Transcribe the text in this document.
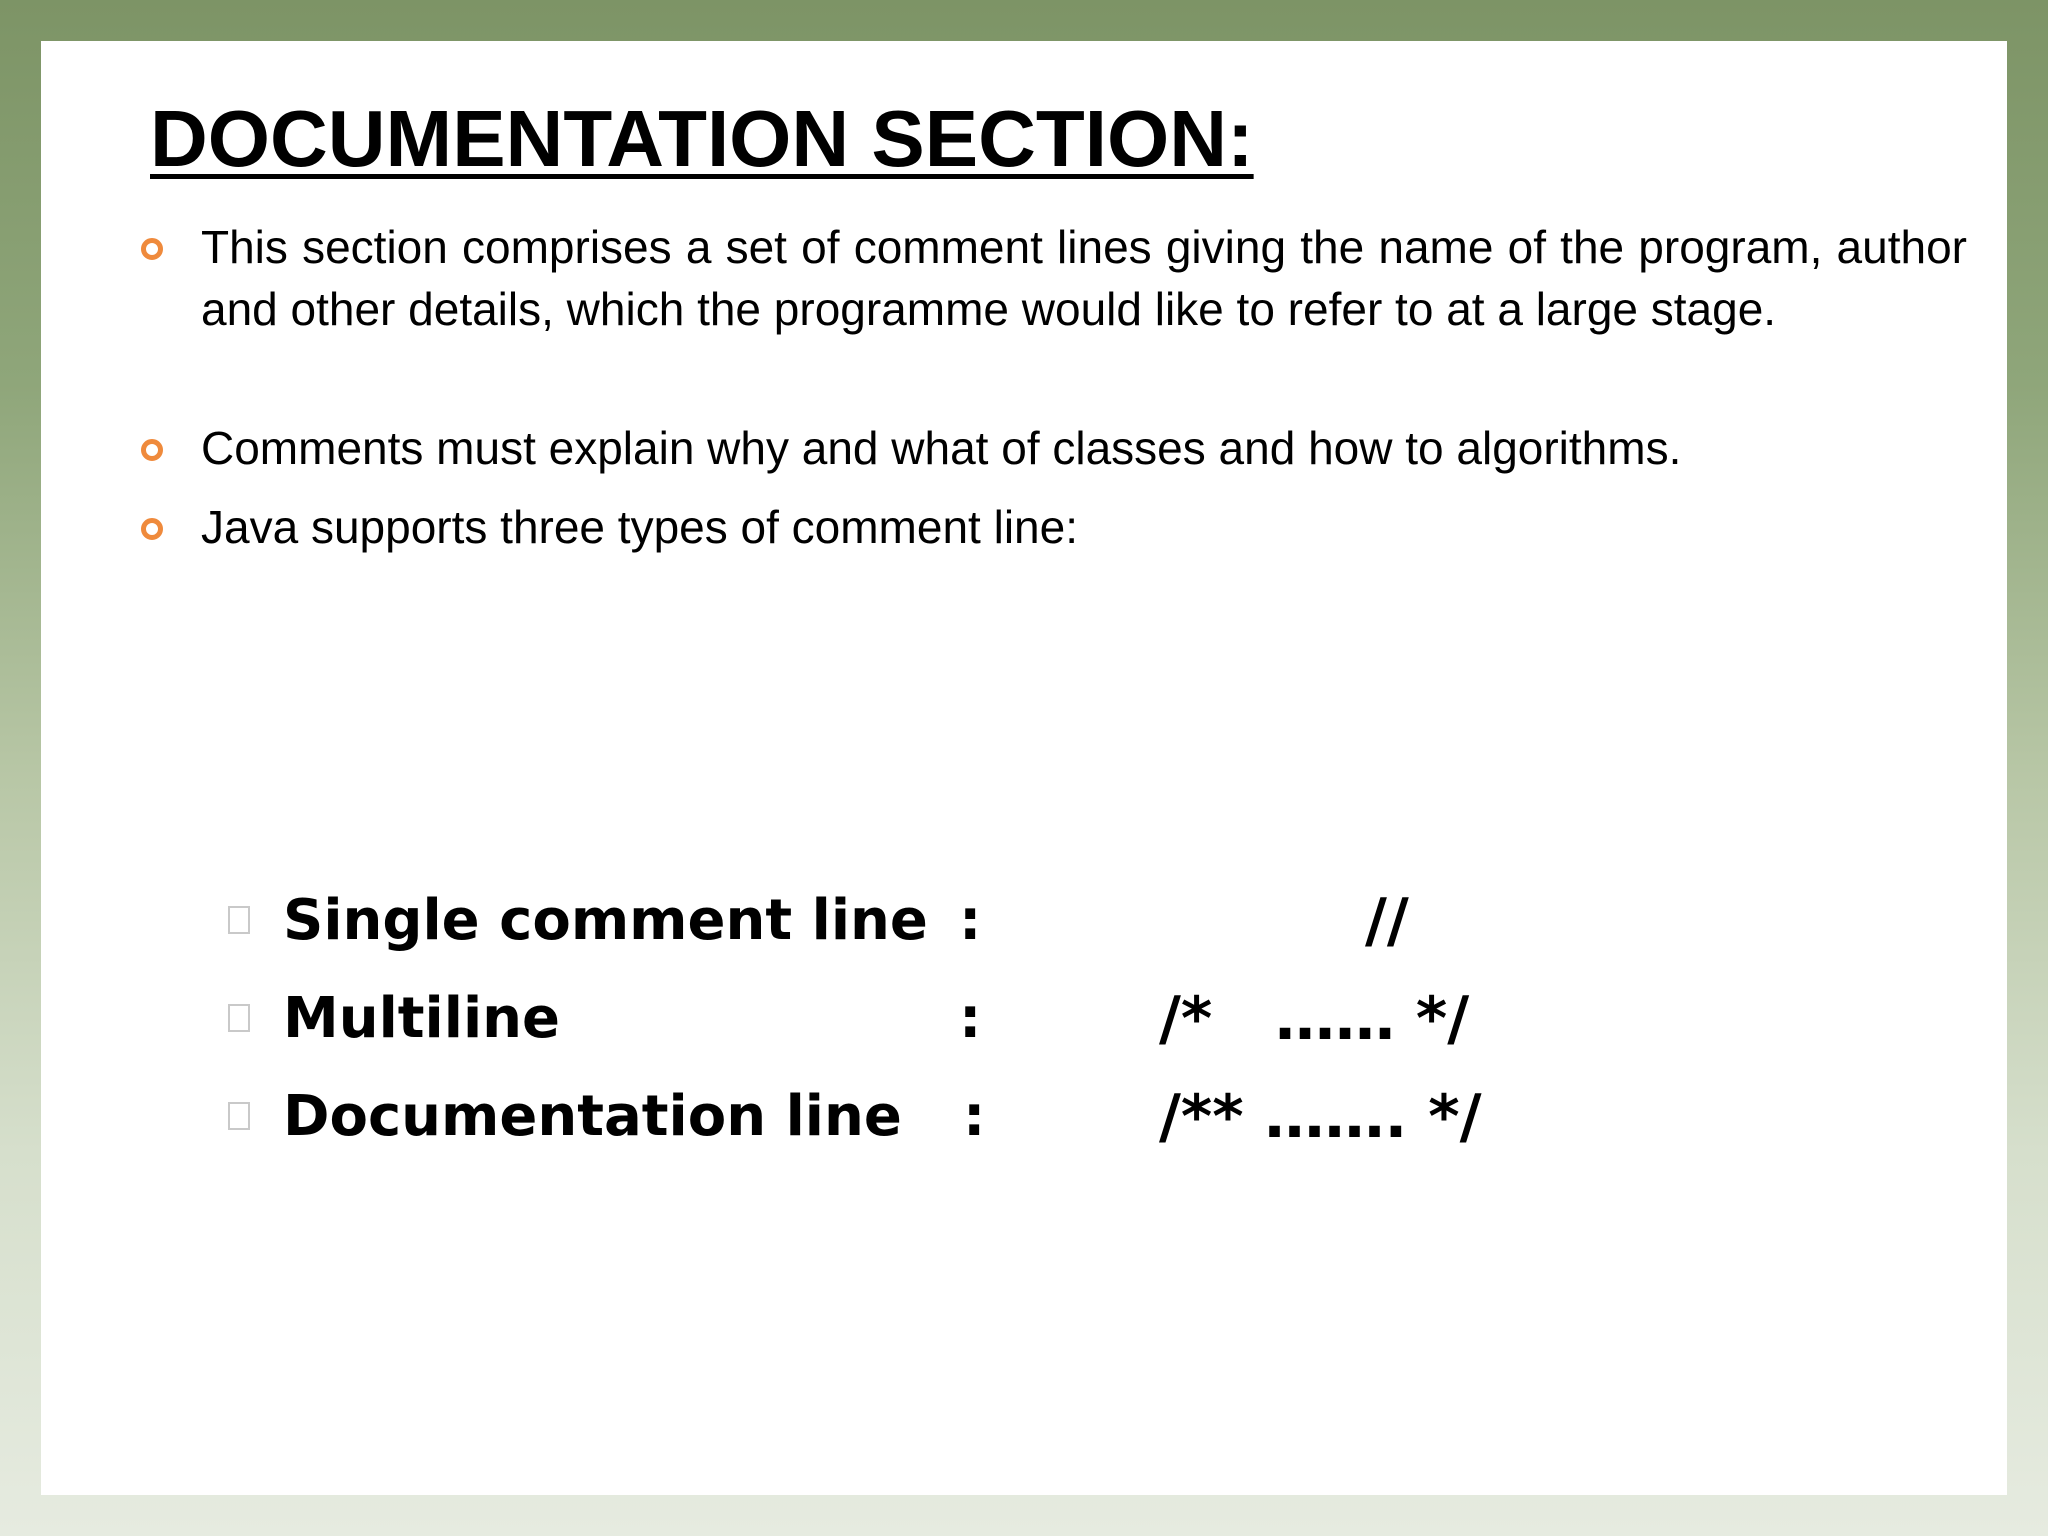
DOCUMENTATION SECTION:
This section comprises a set of comment lines giving the name of the program, author and other details, which the programme would like to refer to at a large stage.
Comments must explain why and what of classes and how to algorithms.
Java supports three types of comment line:
Single comment line :	//
Multiline	:	/*   …… */
Documentation line :	/** ……. */
